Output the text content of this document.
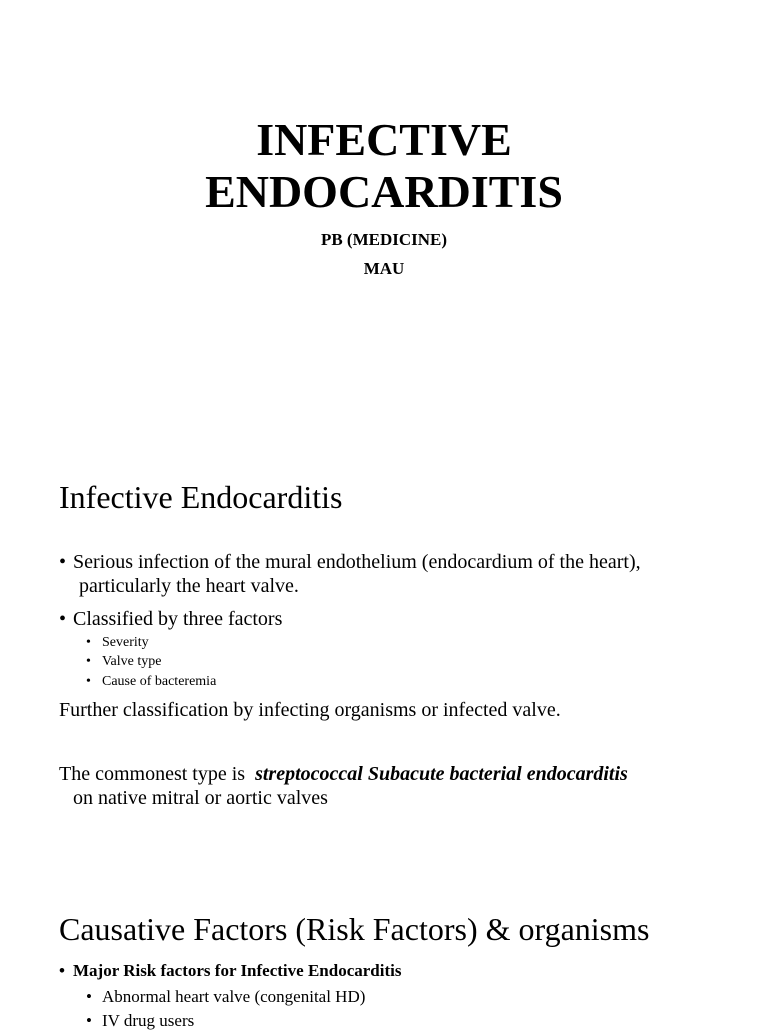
INFECTIVE
ENDOCARDITIS
PB (MEDICINE)
MAU
Infective Endocarditis
• Serious infection of the mural endothelium (endocardium of the heart),
particularly the heart valve.
• Classified by three factors
• Severity
• Valve type
• Cause of bacteremia
Further classification by infecting organisms or infected valve.
The commonest type is streptococcal Subacute bacterial endocarditis
on native mitral or aortic valves
Causative Factors (Risk Factors) & organisms
• Major Risk factors for Infective Endocarditis
• Abnormal heart valve (congenital HD)
• IV drug users
